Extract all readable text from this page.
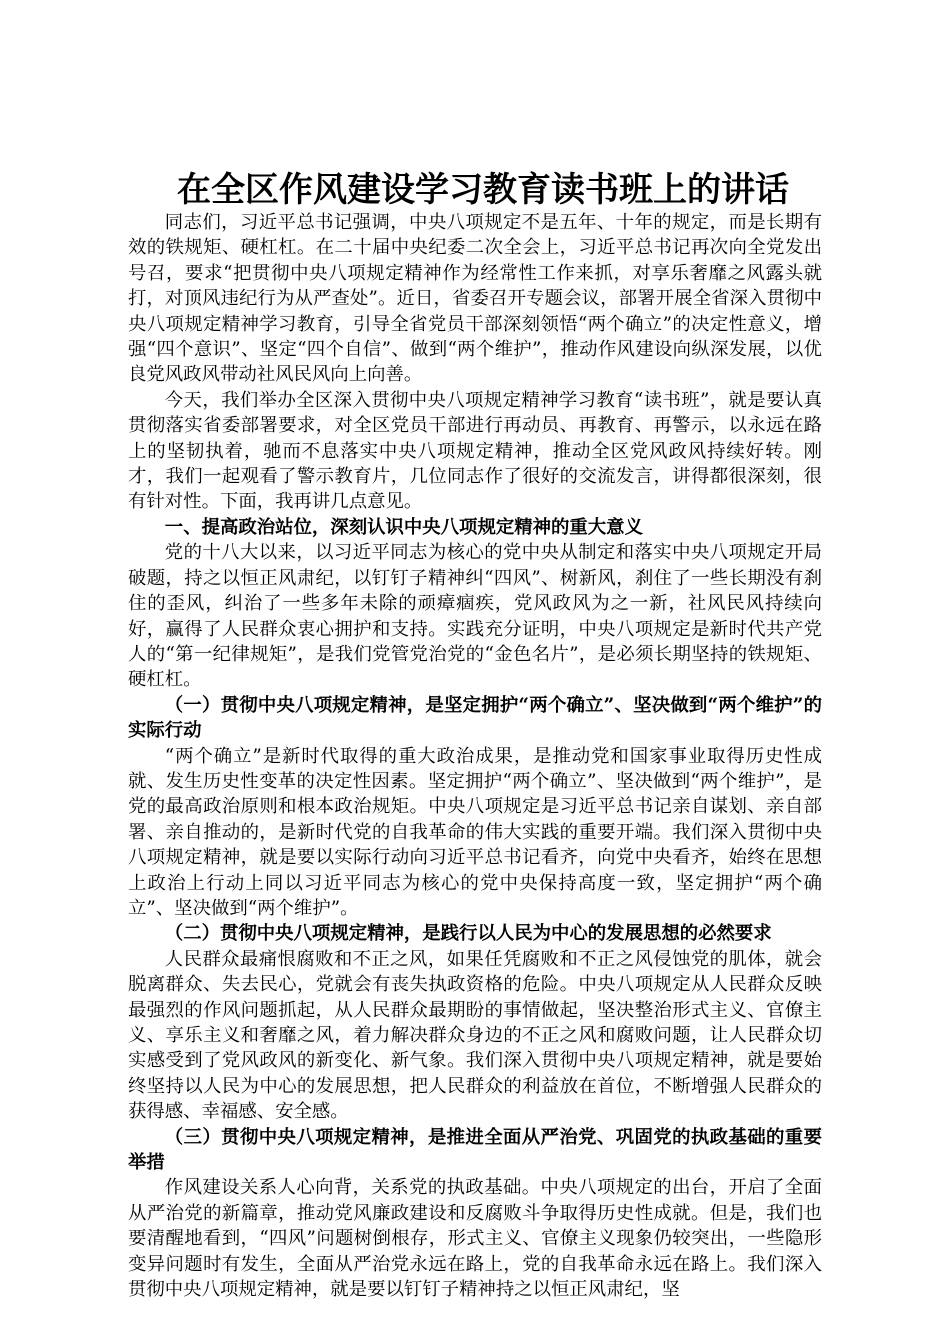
在全区作风建设学习教育读书班上的讲话

同志们，习近平总书记强调，中央八项规定不是五年、十年的规定，而是长期有效的铁规矩、硬杠杠。在二十届中央纪委二次全会上，习近平总书记再次向全党发出号召，要求“把贯彻中央八项规定精神作为经常性工作来抓，对享乐奢靡之风露头就打，对顶风违纪行为从严查处”。近日，省委召开专题会议，部署开展全省深入贯彻中央八项规定精神学习教育，引导全省党员干部深刻领悟“两个确立”的决定性意义，增强“四个意识”、坚定“四个自信”、做到“两个维护”，推动作风建设向纵深发展，以优良党风政风带动社风民风向上向善。

今天，我们举办全区深入贯彻中央八项规定精神学习教育“读书班”，就是要认真贯彻落实省委部署要求，对全区党员干部进行再动员、再教育、再警示，以永远在路上的坚韧执着，驰而不息落实中央八项规定精神，推动全区党风政风持续好转。刚才，我们一起观看了警示教育片，几位同志作了很好的交流发言，讲得都很深刻，很有针对性。下面，我再讲几点意见。

一、提高政治站位，深刻认识中央八项规定精神的重大意义

党的十八大以来，以习近平同志为核心的党中央从制定和落实中央八项规定开局破题，持之以恒正风肃纪，以钉钉子精神纠“四风”、树新风，刹住了一些长期没有刹住的歪风，纠治了一些多年未除的顽瘴痼疾，党风政风为之一新，社风民风持续向好，赢得了人民群众衷心拥护和支持。实践充分证明，中央八项规定是新时代共产党人的“第一纪律规矩”，是我们党管党治党的“金色名片”，是必须长期坚持的铁规矩、硬杠杠。

（一）贯彻中央八项规定精神，是坚定拥护“两个确立”、坚决做到“两个维护”的实际行动

“两个确立”是新时代取得的重大政治成果，是推动党和国家事业取得历史性成就、发生历史性变革的决定性因素。坚定拥护“两个确立”、坚决做到“两个维护”，是党的最高政治原则和根本政治规矩。中央八项规定是习近平总书记亲自谋划、亲自部署、亲自推动的，是新时代党的自我革命的伟大实践的重要开端。我们深入贯彻中央八项规定精神，就是要以实际行动向习近平总书记看齐，向党中央看齐，始终在思想上政治上行动上同以习近平同志为核心的党中央保持高度一致，坚定拥护“两个确立”、坚决做到“两个维护”。

（二）贯彻中央八项规定精神，是践行以人民为中心的发展思想的必然要求

人民群众最痛恨腐败和不正之风，如果任凭腐败和不正之风侵蚀党的肌体，就会脱离群众、失去民心，党就会有丧失执政资格的危险。中央八项规定从人民群众反映最强烈的作风问题抓起，从人民群众最期盼的事情做起，坚决整治形式主义、官僚主义、享乐主义和奢靡之风，着力解决群众身边的不正之风和腐败问题，让人民群众切实感受到了党风政风的新变化、新气象。我们深入贯彻中央八项规定精神，就是要始终坚持以人民为中心的发展思想，把人民群众的利益放在首位，不断增强人民群众的获得感、幸福感、安全感。

（三）贯彻中央八项规定精神，是推进全面从严治党、巩固党的执政基础的重要举措

作风建设关系人心向背，关系党的执政基础。中央八项规定的出台，开启了全面从严治党的新篇章，推动党风廉政建设和反腐败斗争取得历史性成就。但是，我们也要清醒地看到，“四风”问题树倒根存，形式主义、官僚主义现象仍较突出，一些隐形变异问题时有发生，全面从严治党永远在路上，党的自我革命永远在路上。我们深入贯彻中央八项规定精神，就是要以钉钉子精神持之以恒正风肃纪，坚
